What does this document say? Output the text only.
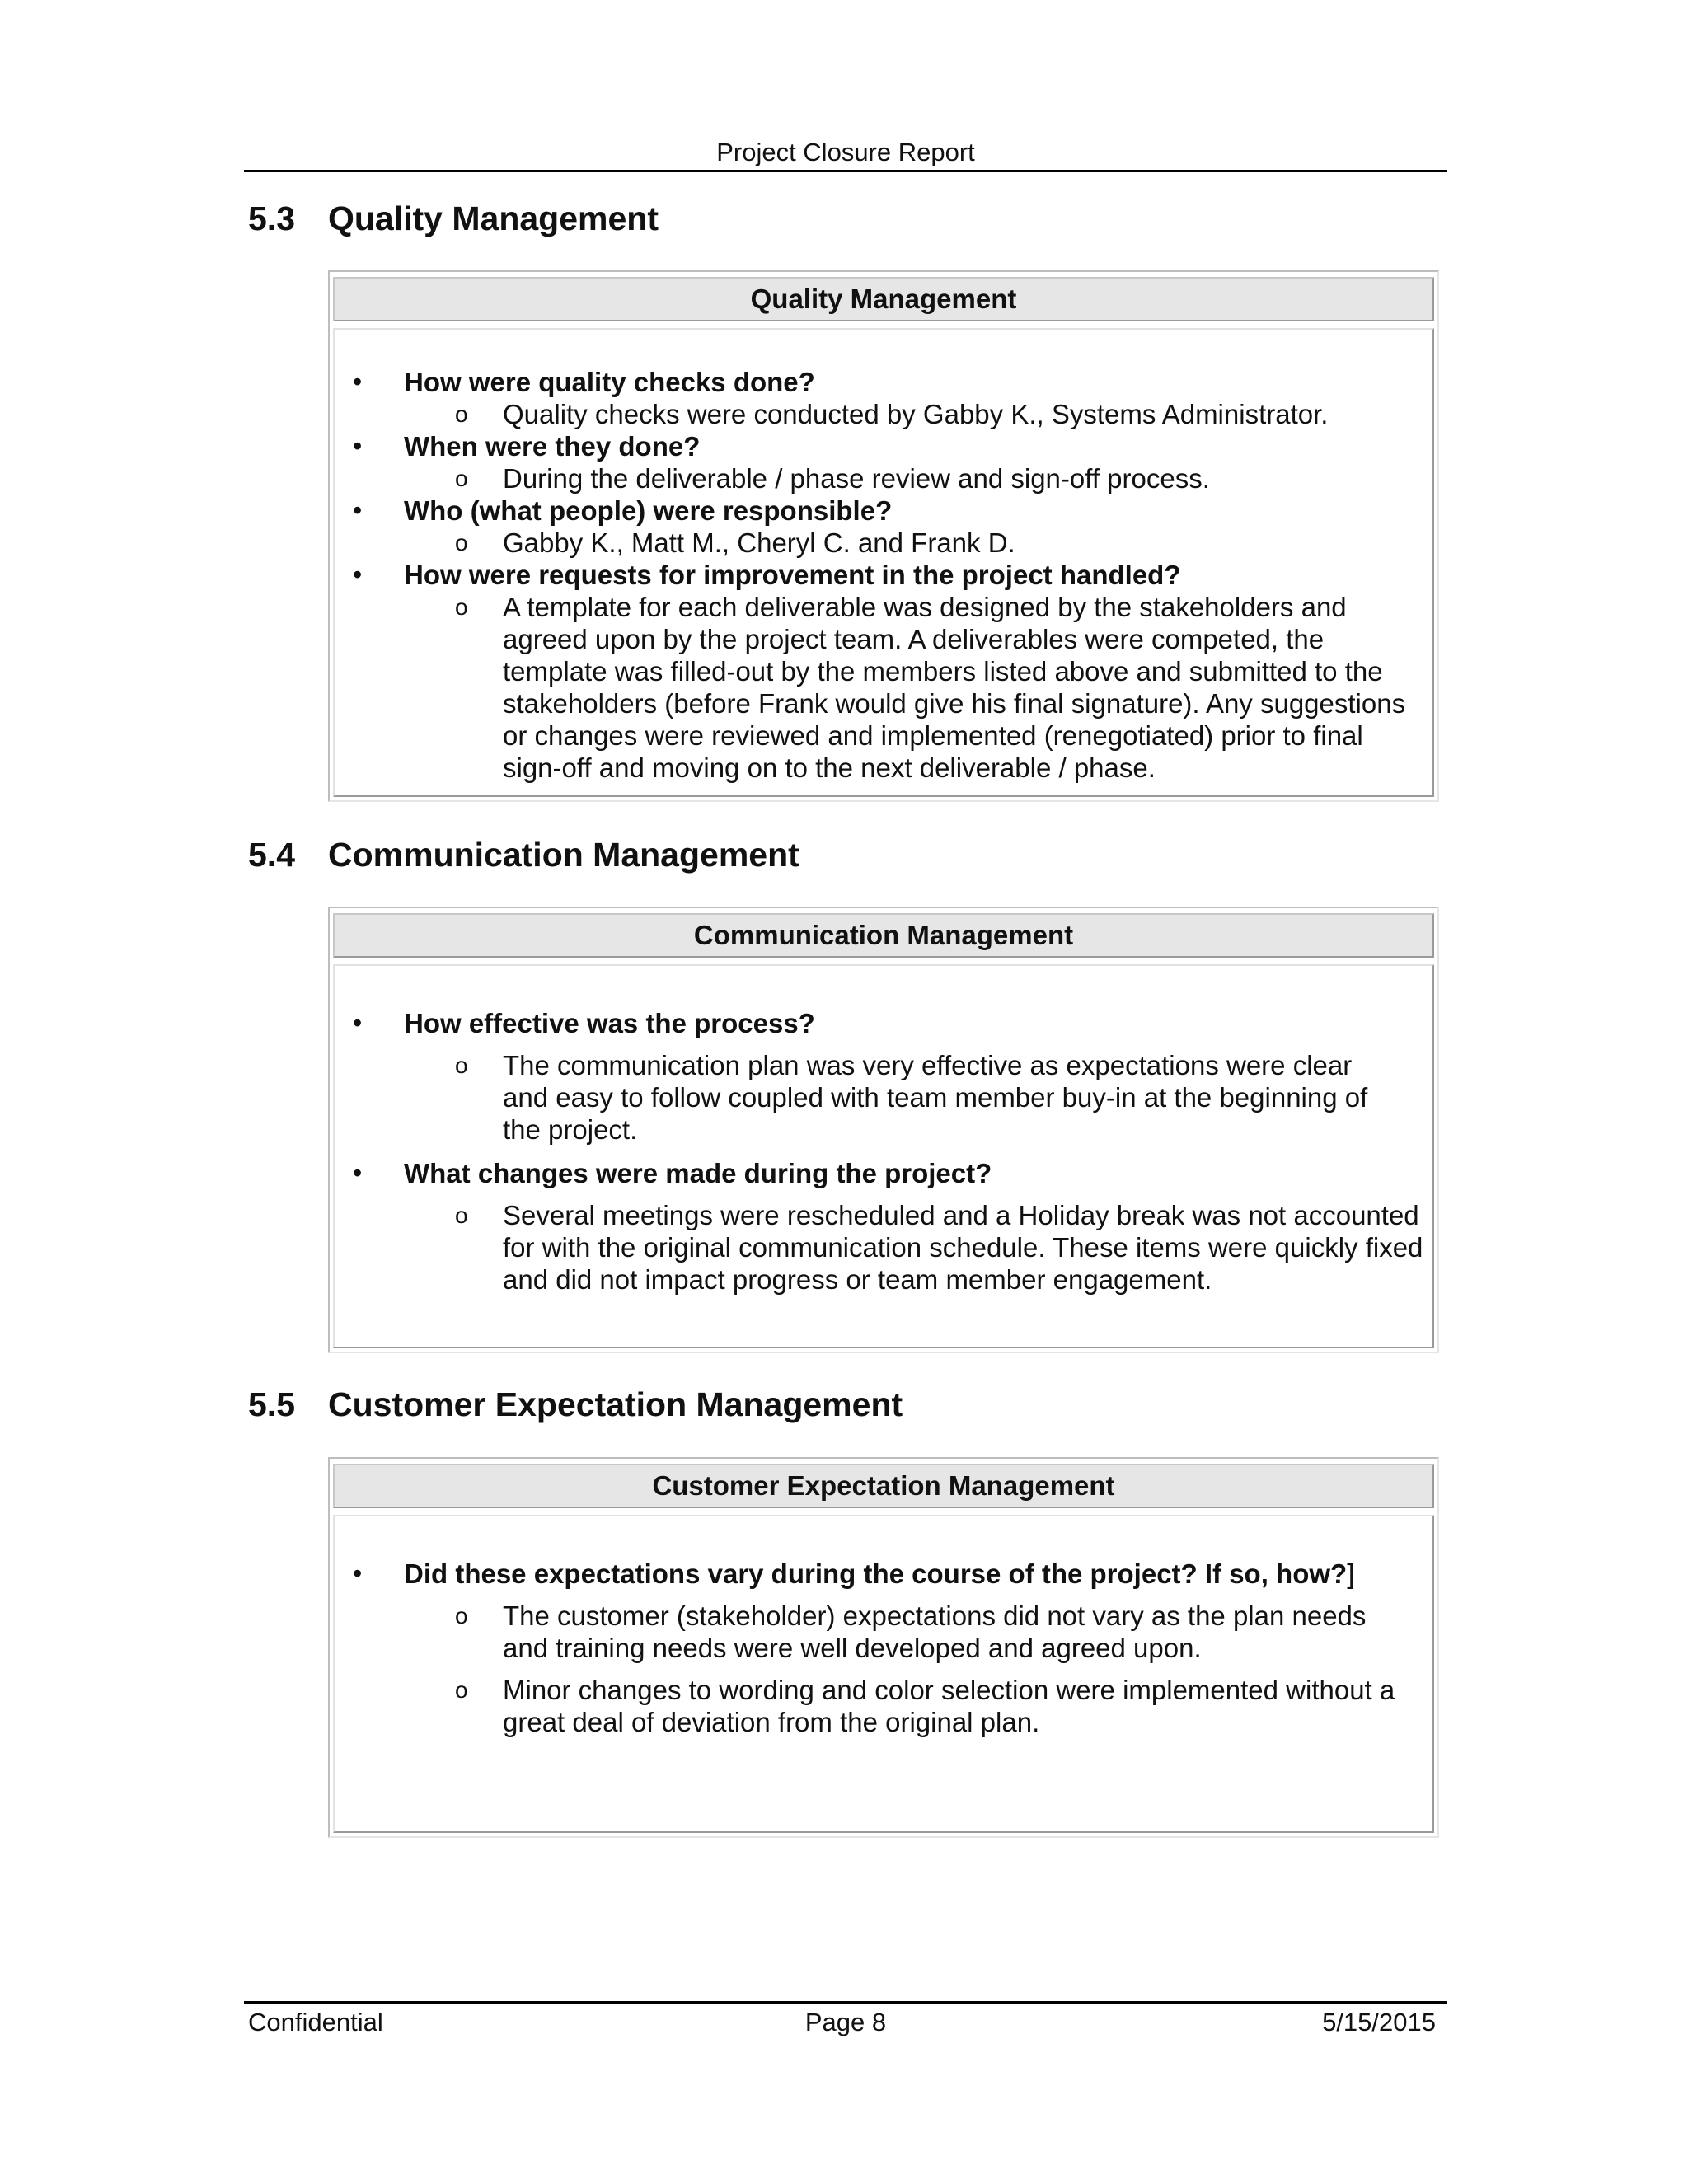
Project Closure Report
5.3 Quality Management
Quality Management
• How were quality checks done?
o Quality checks were conducted by Gabby K., Systems Administrator.
• When were they done?
o During the deliverable / phase review and sign-off process.
• Who (what people) were responsible?
o Gabby K., Matt M., Cheryl C. and Frank D.
• How were requests for improvement in the project handled?
o A template for each deliverable was designed by the stakeholders and agreed upon by the project team. A deliverables were competed, the template was filled-out by the members listed above and submitted to the stakeholders (before Frank would give his final signature). Any suggestions or changes were reviewed and implemented (renegotiated) prior to final sign-off and moving on to the next deliverable / phase.
5.4 Communication Management
Communication Management
• How effective was the process?
o The communication plan was very effective as expectations were clear and easy to follow coupled with team member buy-in at the beginning of the project.
• What changes were made during the project?
o Several meetings were rescheduled and a Holiday break was not accounted for with the original communication schedule. These items were quickly fixed and did not impact progress or team member engagement.
5.5 Customer Expectation Management
Customer Expectation Management
• Did these expectations vary during the course of the project? If so, how?]
o The customer (stakeholder) expectations did not vary as the plan needs and training needs were well developed and agreed upon.
o Minor changes to wording and color selection were implemented without a great deal of deviation from the original plan.
Confidential	Page 8	5/15/2015
